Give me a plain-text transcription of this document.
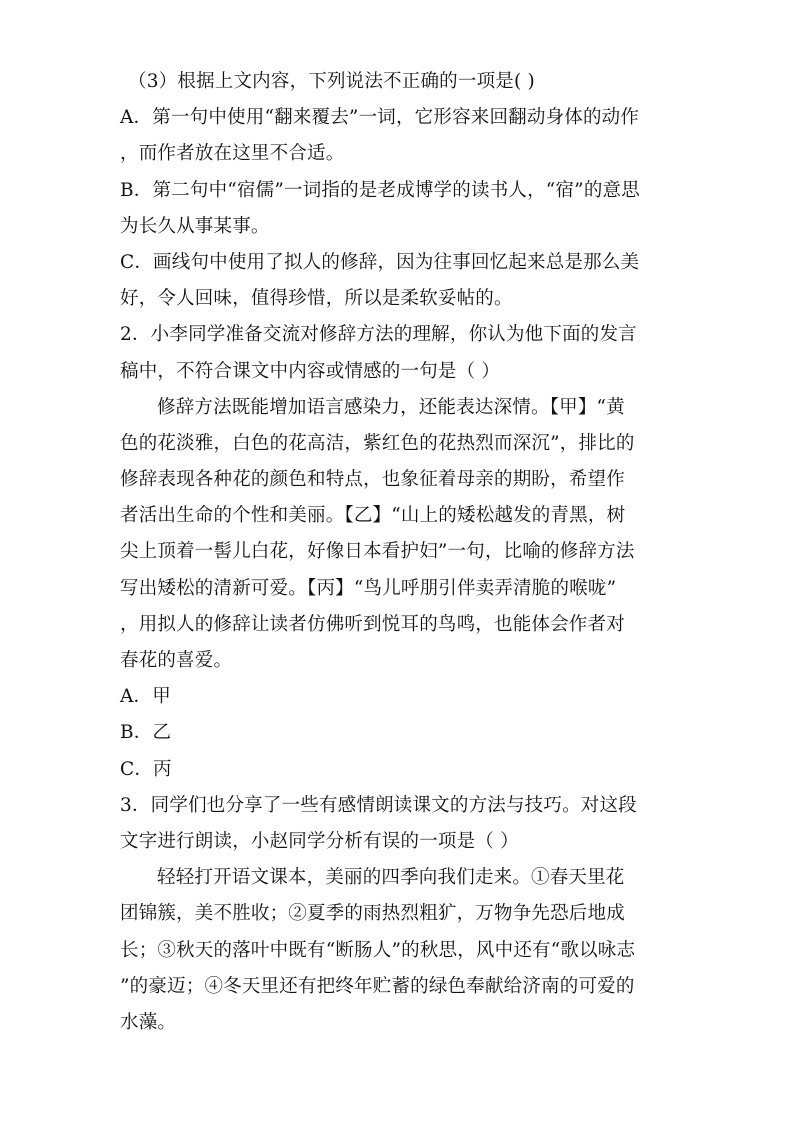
（3）根据上文内容，下列说法不正确的一项是( )
A．第一句中使用“翻来覆去”一词，它形容来回翻动身体的动作
，而作者放在这里不合适。
B．第二句中“宿儒”一词指的是老成博学的读书人，“宿”的意思
为长久从事某事。
C．画线句中使用了拟人的修辞，因为往事回忆起来总是那么美
好，令人回味，值得珍惜，所以是柔软妥帖的。
2．小李同学准备交流对修辞方法的理解，你认为他下面的发言
稿中，不符合课文中内容或情感的一句是（ ）
修辞方法既能增加语言感染力，还能表达深情。【甲】“黄
色的花淡雅，白色的花高洁，紫红色的花热烈而深沉”，排比的
修辞表现各种花的颜色和特点，也象征着母亲的期盼，希望作
者活出生命的个性和美丽。【乙】“山上的矮松越发的青黑，树
尖上顶着一髻儿白花，好像日本看护妇”一句，比喻的修辞方法
写出矮松的清新可爱。【丙】“鸟儿呼朋引伴卖弄清脆的喉咙”
，用拟人的修辞让读者仿佛听到悦耳的鸟鸣，也能体会作者对
春花的喜爱。
A．甲
B．乙
C．丙
3．同学们也分享了一些有感情朗读课文的方法与技巧。对这段
文字进行朗读，小赵同学分析有误的一项是（ ）
轻轻打开语文课本，美丽的四季向我们走来。①春天里花
团锦簇，美不胜收；②夏季的雨热烈粗犷，万物争先恐后地成
长；③秋天的落叶中既有“断肠人”的秋思，风中还有“歌以咏志
”的豪迈；④冬天里还有把终年贮蓄的绿色奉献给济南的可爱的
水藻。
